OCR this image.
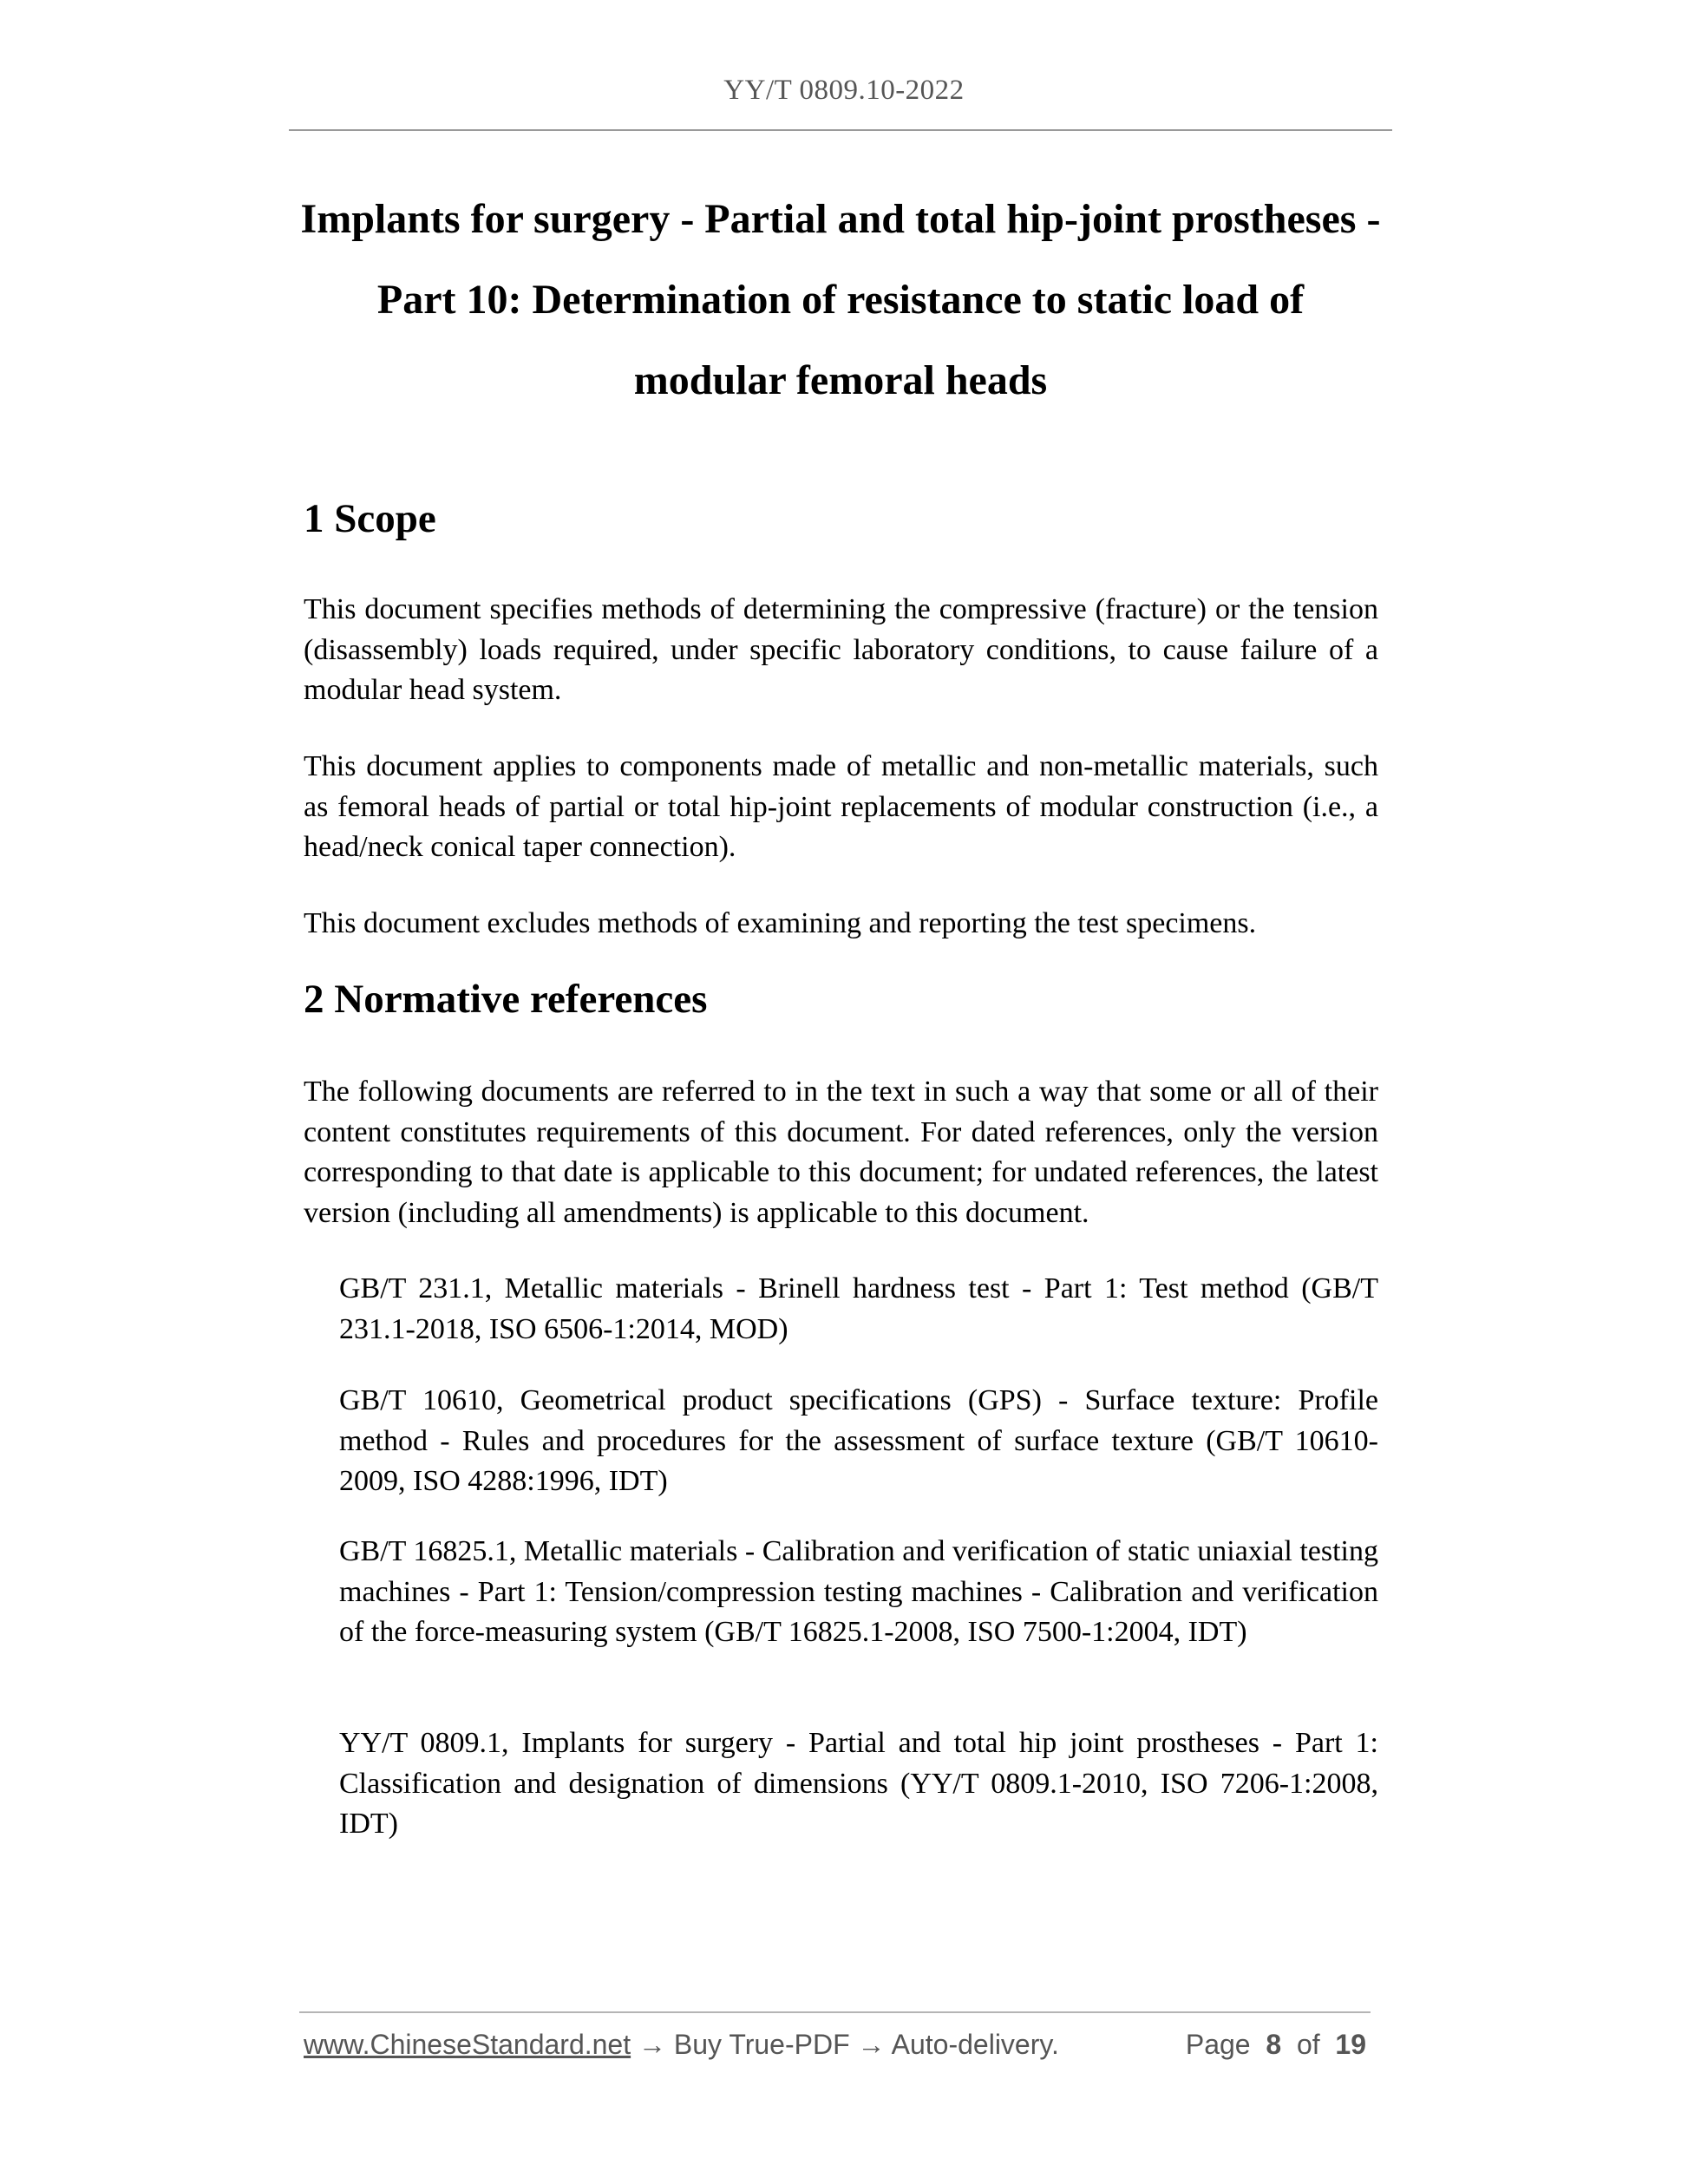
YY/T 0809.10-2022
Implants for surgery - Partial and total hip-joint prostheses -
Part 10: Determination of resistance to static load of
modular femoral heads
1 Scope
This document specifies methods of determining the compressive (fracture) or the tension (disassembly) loads required, under specific laboratory conditions, to cause failure of a modular head system.
This document applies to components made of metallic and non-metallic materials, such as femoral heads of partial or total hip-joint replacements of modular construction (i.e., a head/neck conical taper connection).
This document excludes methods of examining and reporting the test specimens.
2 Normative references
The following documents are referred to in the text in such a way that some or all of their content constitutes requirements of this document. For dated references, only the version corresponding to that date is applicable to this document; for undated references, the latest version (including all amendments) is applicable to this document.
GB/T 231.1, Metallic materials - Brinell hardness test - Part 1: Test method (GB/T 231.1-2018, ISO 6506-1:2014, MOD)
GB/T 10610, Geometrical product specifications (GPS) - Surface texture: Profile method - Rules and procedures for the assessment of surface texture (GB/T 10610-2009, ISO 4288:1996, IDT)
GB/T 16825.1, Metallic materials - Calibration and verification of static uniaxial testing machines - Part 1: Tension/compression testing machines - Calibration and verification of the force-measuring system (GB/T 16825.1-2008, ISO 7500-1:2004, IDT)
YY/T 0809.1, Implants for surgery - Partial and total hip joint prostheses - Part 1: Classification and designation of dimensions (YY/T 0809.1-2010, ISO 7206-1:2008, IDT)
www.ChineseStandard.net → Buy True-PDF → Auto-delivery.	Page 8 of 19
